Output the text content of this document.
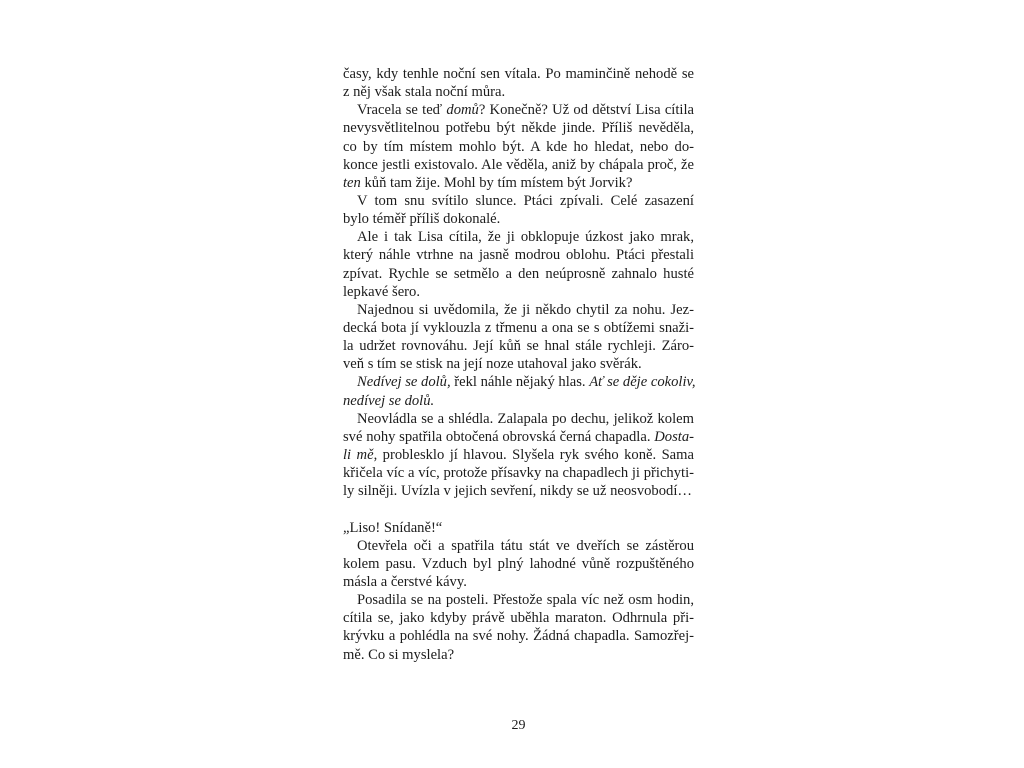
časy, kdy tenhle noční sen vítala. Po maminčině nehodě se
z něj však stala noční můra.
Vracela se teď domů? Konečně? Už od dětství Lisa cítila
nevysvětlitelnou potřebu být někde jinde. Příliš nevěděla,
co by tím místem mohlo být. A kde ho hledat, nebo do-
konce jestli existovalo. Ale věděla, aniž by chápala proč, že
ten kůň tam žije. Mohl by tím místem být Jorvik?
V tom snu svítilo slunce. Ptáci zpívali. Celé zasazení
bylo téměř příliš dokonalé.
Ale i tak Lisa cítila, že ji obklopuje úzkost jako mrak,
který náhle vtrhne na jasně modrou oblohu. Ptáci přestali
zpívat. Rychle se setmělo a den neúprosně zahnalo husté
lepkavé šero.
Najednou si uvědomila, že ji někdo chytil za nohu. Jez-
decká bota jí vyklouzla z třmenu a ona se s obtížemi snaži-
la udržet rovnováhu. Její kůň se hnal stále rychleji. Záro-
veň s tím se stisk na její noze utahoval jako svěrák.
Nedívej se dolů, řekl náhle nějaký hlas. Ať se děje cokoliv,
nedívej se dolů.
Neovládla se a shlédla. Zalapala po dechu, jelikož kolem
své nohy spatřila obtočená obrovská černá chapadla. Dosta-
li mě, problesklo jí hlavou. Slyšela ryk svého koně. Sama
křičela víc a víc, protože přísavky na chapadlech ji přichyti-
ly silněji. Uvízla v jejich sevření, nikdy se už neosvobodí…
„Liso! Snídaně!“
Otevřela oči a spatřila tátu stát ve dveřích se zástěrou
kolem pasu. Vzduch byl plný lahodné vůně rozpuštěného
másla a čerstvé kávy.
Posadila se na posteli. Přestože spala víc než osm hodin,
cítila se, jako kdyby právě uběhla maraton. Odhrnula při-
krývku a pohlédla na své nohy. Žádná chapadla. Samozřej-
mě. Co si myslela?
29
